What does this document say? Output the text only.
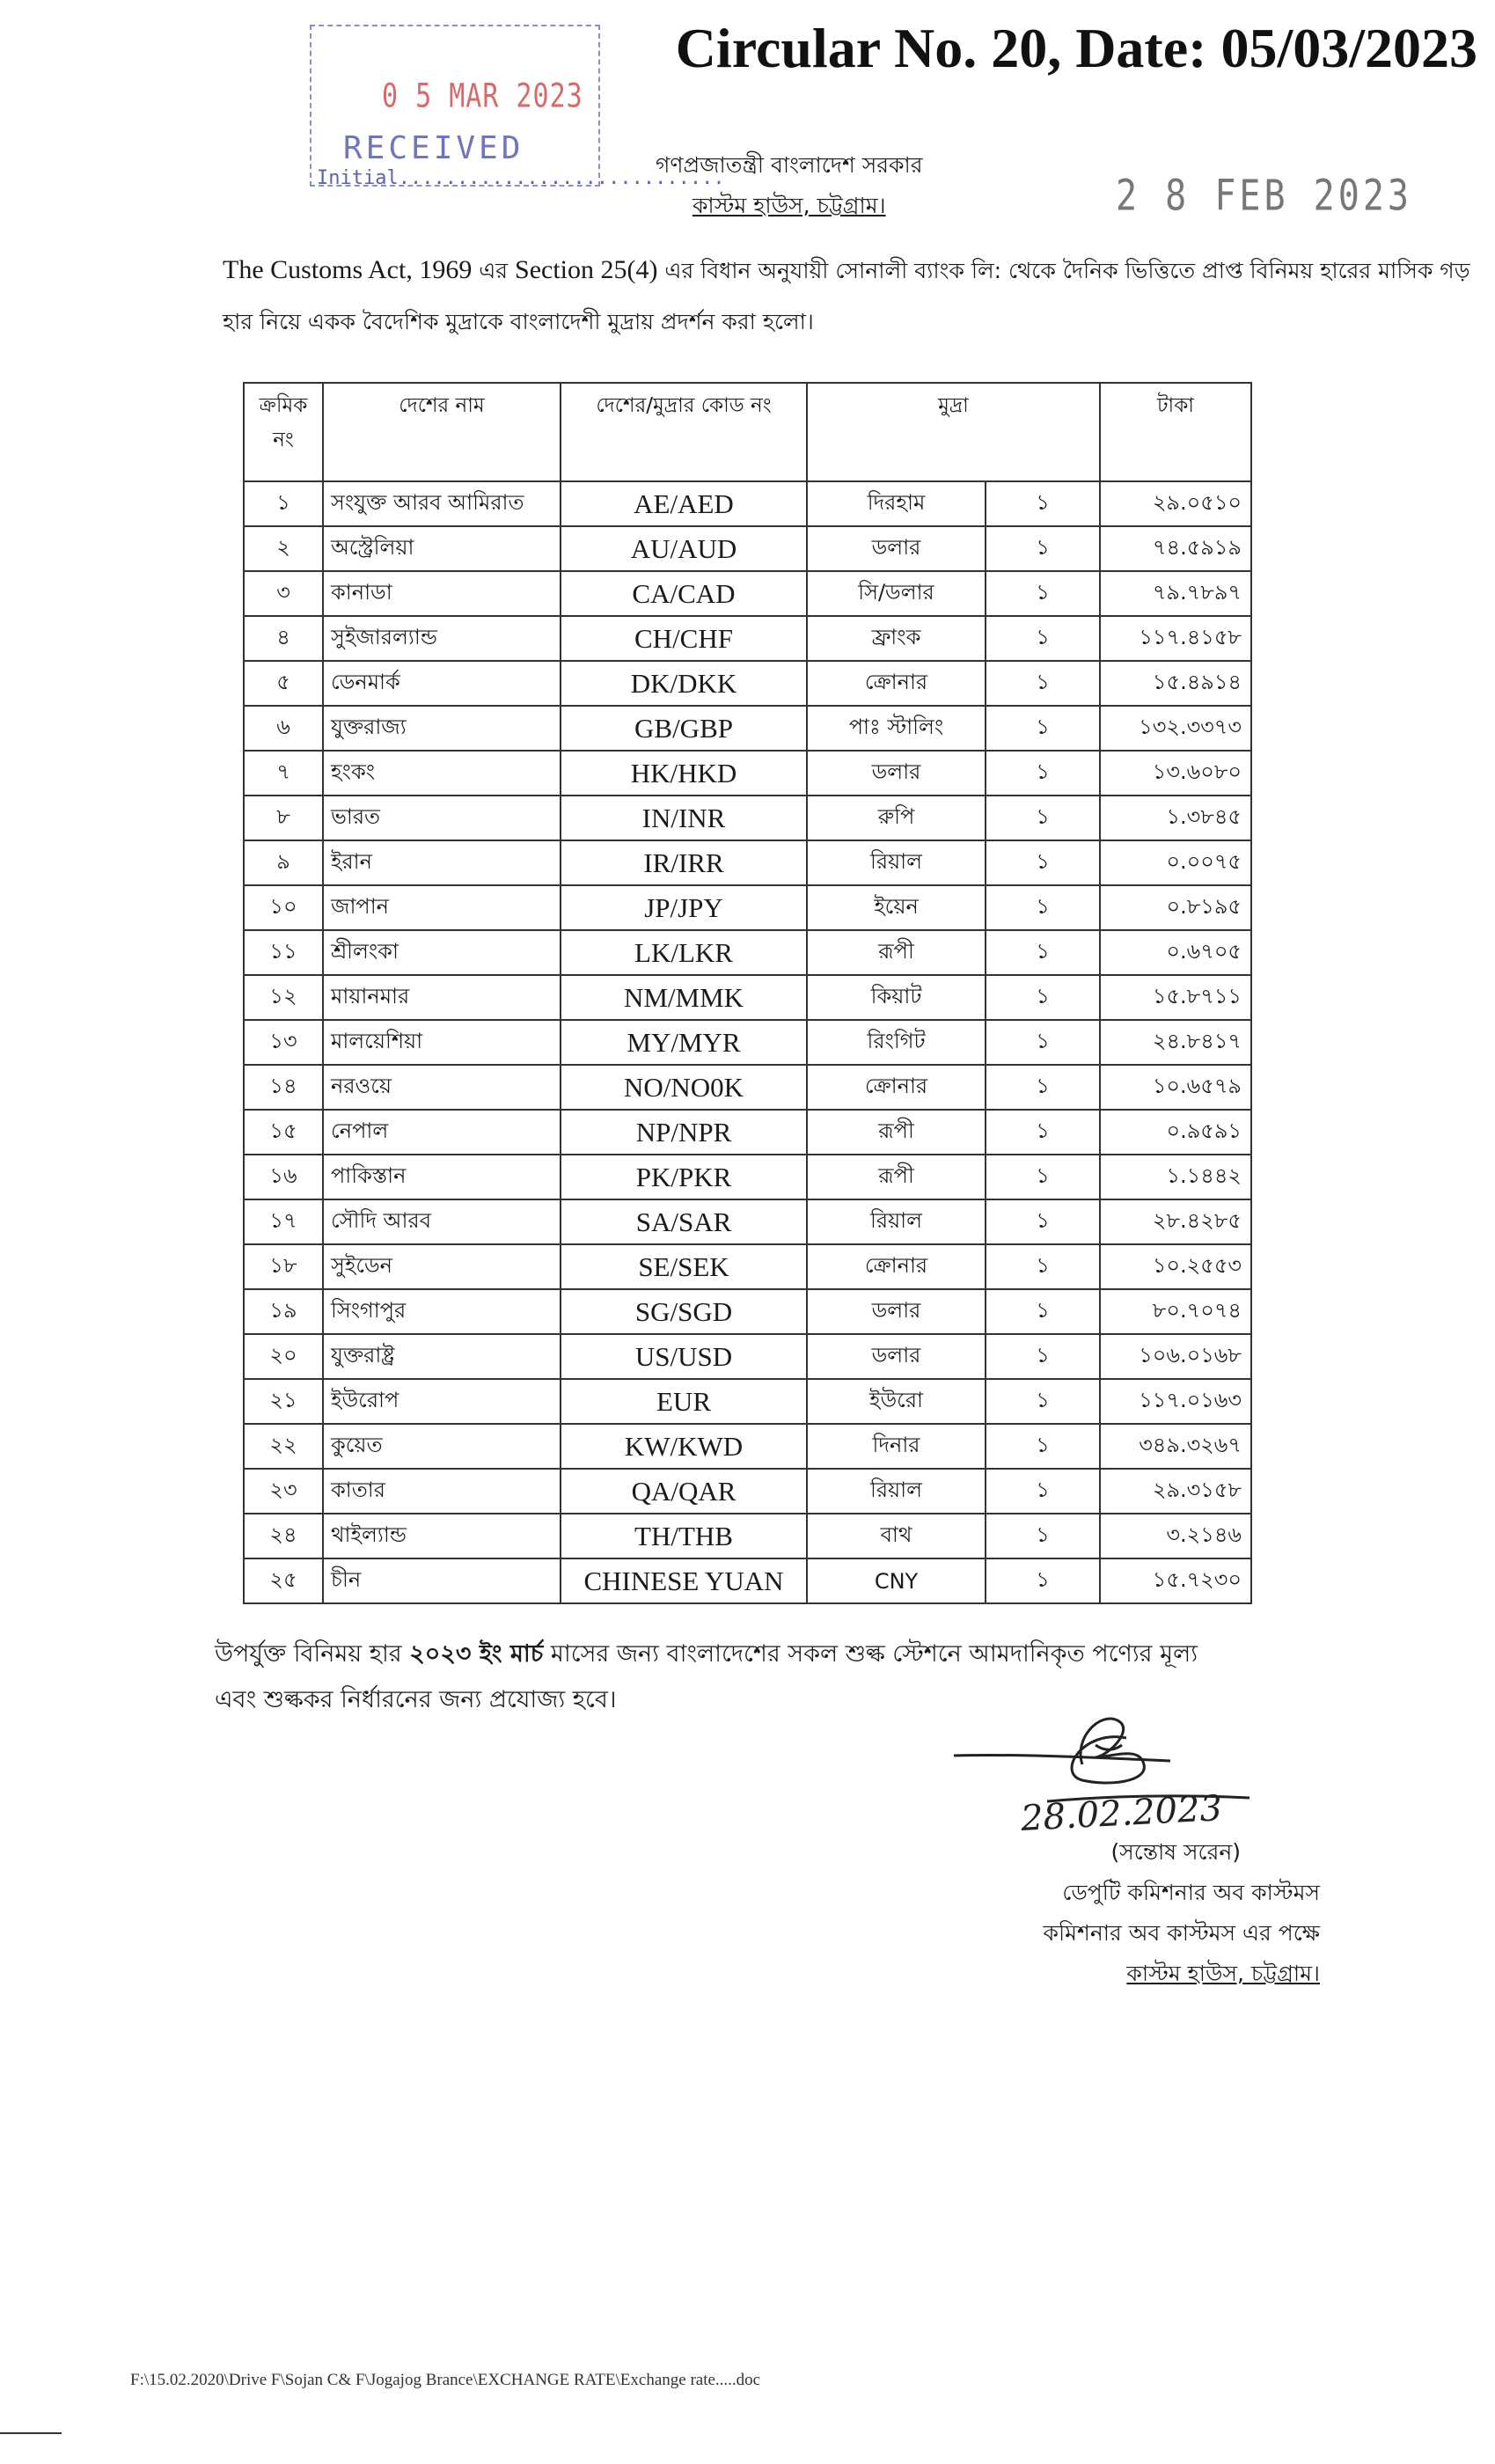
0 5 MAR 2023
RECEIVED
Initial............................
Circular No. 20, Date: 05/03/2023
গণপ্রজাতন্ত্রী বাংলাদেশ সরকার
কাস্টম হাউস, চট্টগ্রাম।	2 8 FEB 2023
The Customs Act, 1969 এর Section 25(4) এর বিধান অনুযায়ী সোনালী ব্যাংক লি: থেকে দৈনিক ভিত্তিতে প্রাপ্ত বিনিময় হারের মাসিক গড় হার নিয়ে একক বৈদেশিক মুদ্রাকে বাংলাদেশী মুদ্রায় প্রদর্শন করা হলো।
ক্রমিক নং	দেশের নাম	দেশের/মুদ্রার কোড নং	মুদ্রা		টাকা
১	সংযুক্ত আরব আমিরাত	AE/AED	দিরহাম	১	২৯.০৫১০
২	অস্ট্রেলিয়া	AU/AUD	ডলার	১	৭৪.৫৯১৯
৩	কানাডা	CA/CAD	সি/ডলার	১	৭৯.৭৮৯৭
৪	সুইজারল্যান্ড	CH/CHF	ফ্রাংক	১	১১৭.৪১৫৮
৫	ডেনমার্ক	DK/DKK	ক্রোনার	১	১৫.৪৯১৪
৬	যুক্তরাজ্য	GB/GBP	পাঃ স্টালিং	১	১৩২.৩৩৭৩
৭	হংকং	HK/HKD	ডলার	১	১৩.৬০৮০
৮	ভারত	IN/INR	রুপি	১	১.৩৮৪৫
৯	ইরান	IR/IRR	রিয়াল	১	০.০০৭৫
১০	জাপান	JP/JPY	ইয়েন	১	০.৮১৯৫
১১	শ্রীলংকা	LK/LKR	রূপী	১	০.৬৭০৫
১২	মায়ানমার	NM/MMK	কিয়াট	১	১৫.৮৭১১
১৩	মালয়েশিয়া	MY/MYR	রিংগিট	১	২৪.৮৪১৭
১৪	নরওয়ে	NO/NO0K	ক্রোনার	১	১০.৬৫৭৯
১৫	নেপাল	NP/NPR	রূপী	১	০.৯৫৯১
১৬	পাকিস্তান	PK/PKR	রূপী	১	১.১৪৪২
১৭	সৌদি আরব	SA/SAR	রিয়াল	১	২৮.৪২৮৫
১৮	সুইডেন	SE/SEK	ক্রোনার	১	১০.২৫৫৩
১৯	সিংগাপুর	SG/SGD	ডলার	১	৮০.৭০৭৪
২০	যুক্তরাষ্ট্র	US/USD	ডলার	১	১০৬.০১৬৮
২১	ইউরোপ	EUR	ইউরো	১	১১৭.০১৬৩
২২	কুয়েত	KW/KWD	দিনার	১	৩৪৯.৩২৬৭
২৩	কাতার	QA/QAR	রিয়াল	১	২৯.৩১৫৮
২৪	থাইল্যান্ড	TH/THB	বাথ	১	৩.২১৪৬
২৫	চীন	CHINESE YUAN	CNY	১	১৫.৭২৩০
উপর্যুক্ত বিনিময় হার ২০২৩ ইং মার্চ মাসের জন্য বাংলাদেশের সকল শুল্ক স্টেশনে আমদানিকৃত পণ্যের মূল্য এবং শুল্ককর নির্ধারনের জন্য প্রযোজ্য হবে।
28.02.2023
(সন্তোষ সরেন)
ডেপুটি কমিশনার অব কাস্টমস
কমিশনার অব কাস্টমস এর পক্ষে
কাস্টম হাউস, চট্টগ্রাম।
F:\15.02.2020\Drive F\Sojan C& F\Jogajog Brance\EXCHANGE RATE\Exchange rate.....doc
